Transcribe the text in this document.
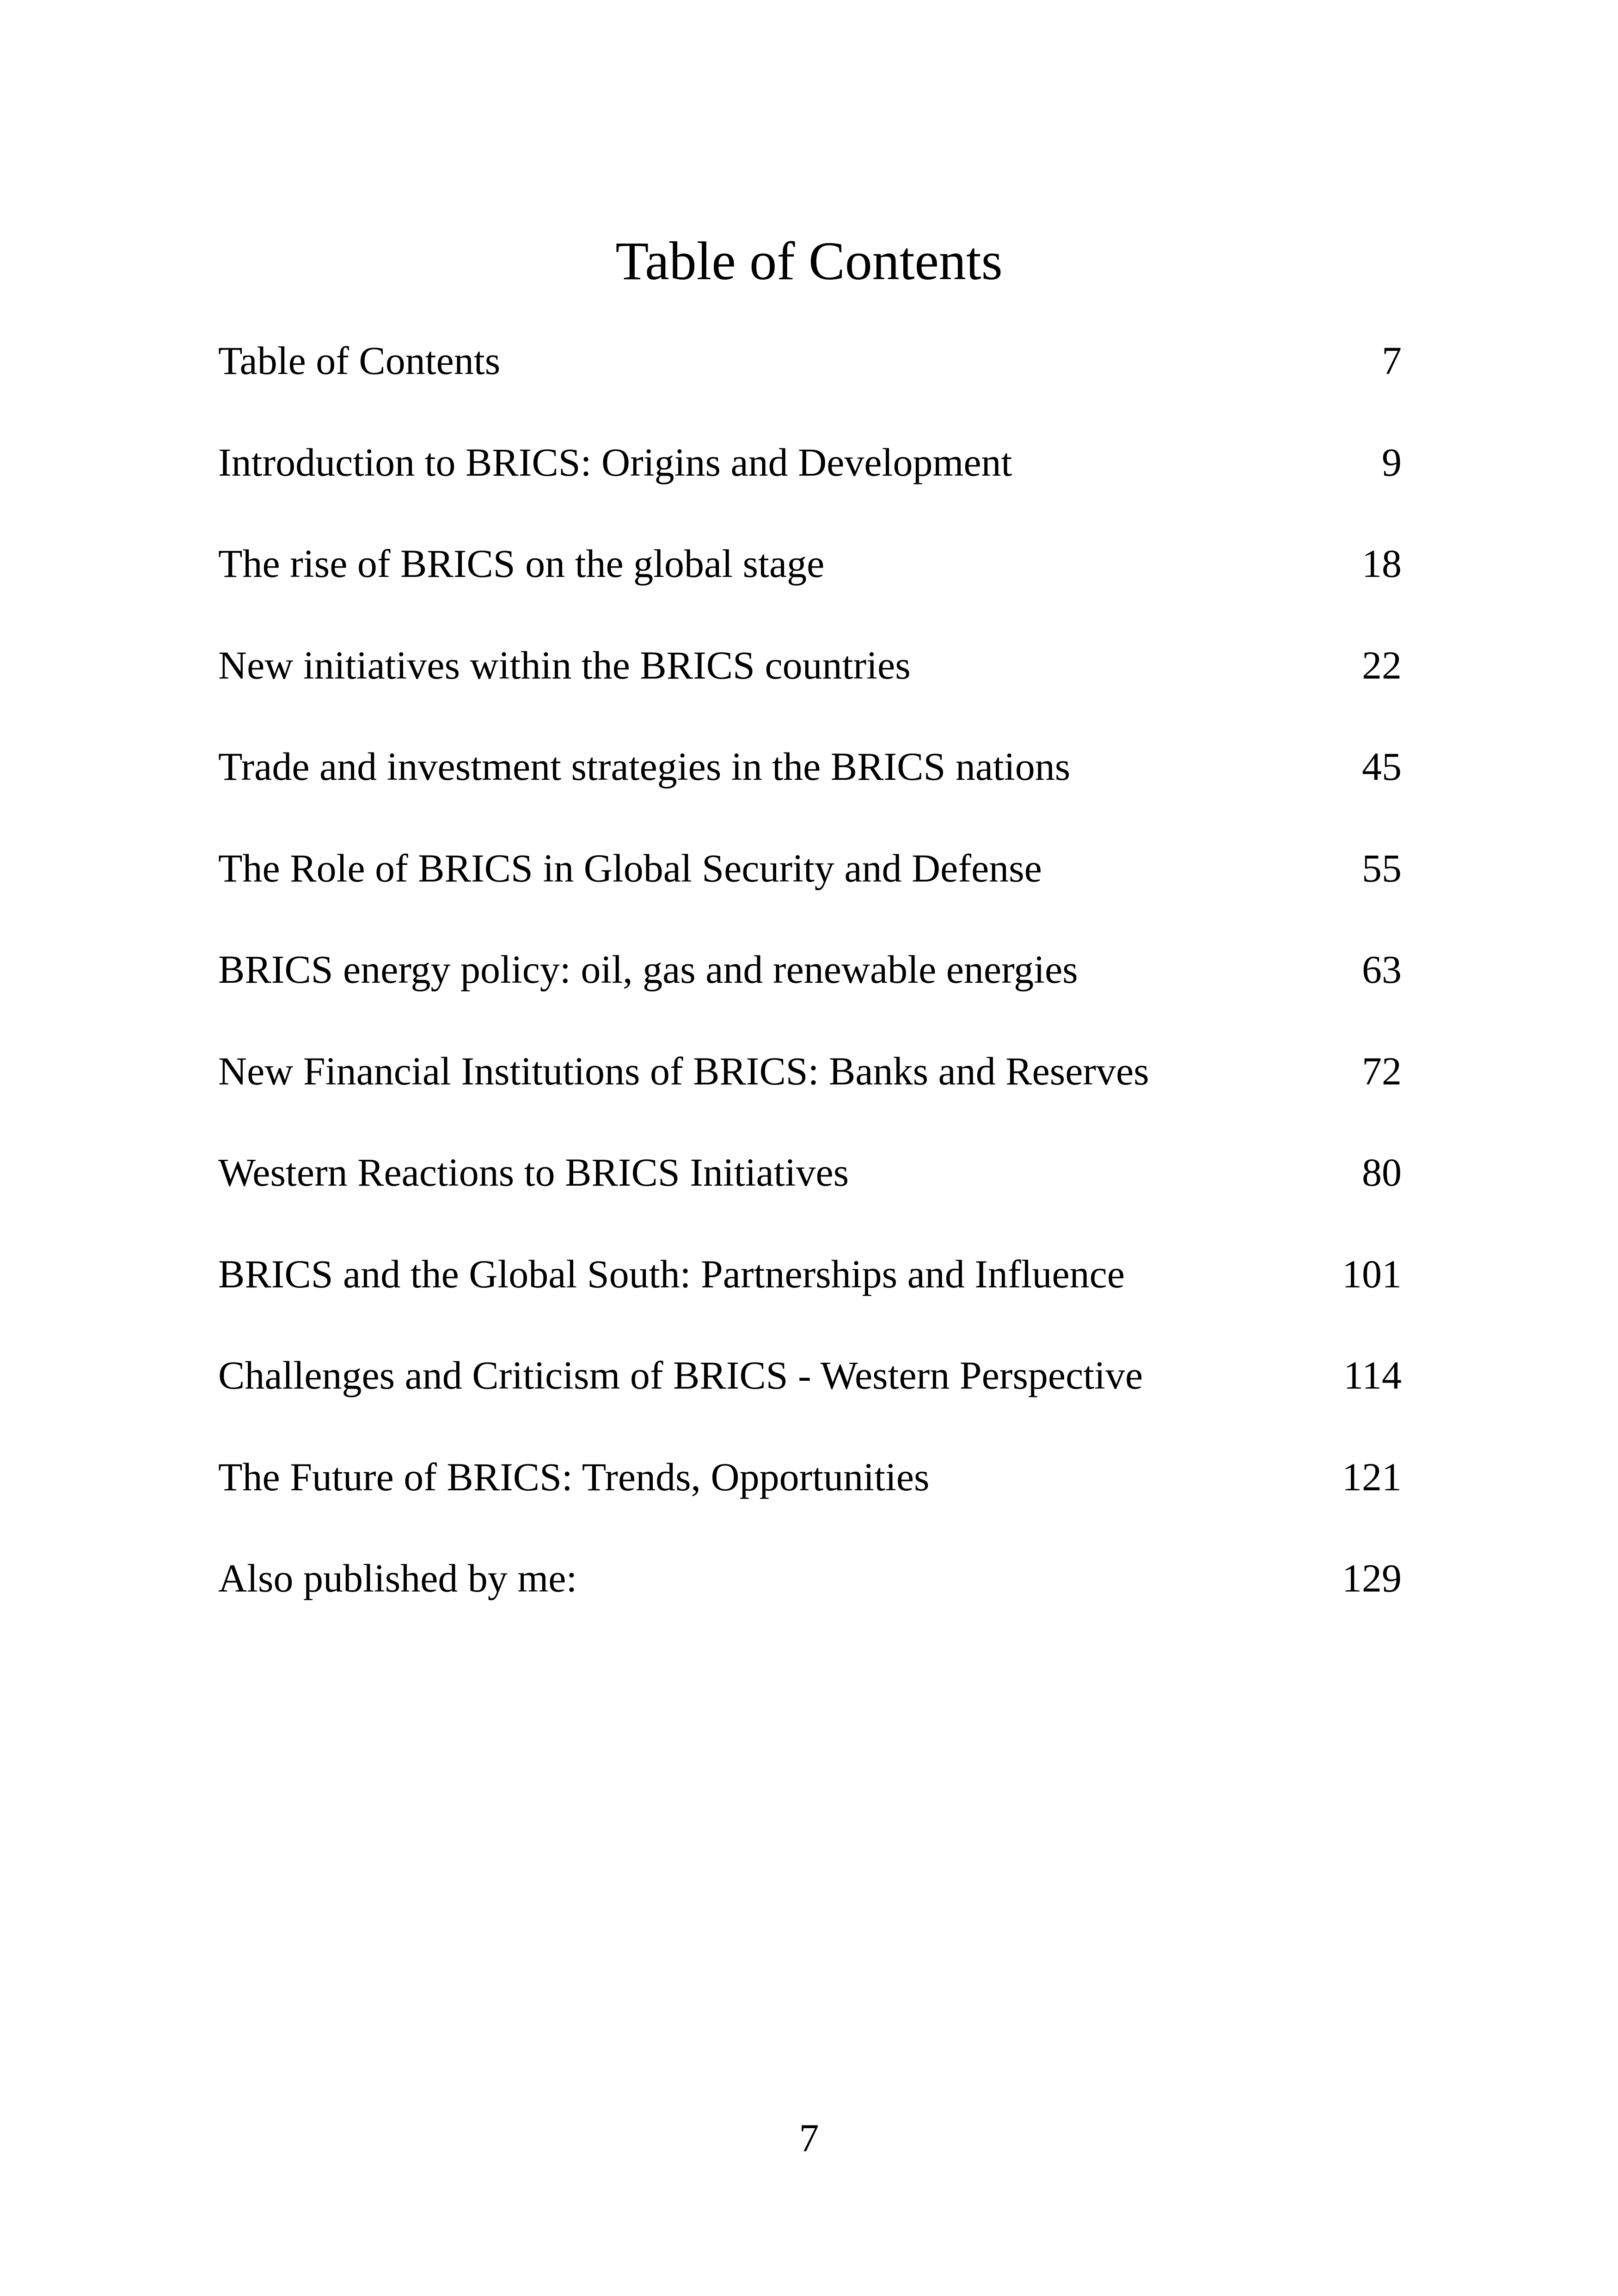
Table of Contents
Table of Contents	7
Introduction to BRICS: Origins and Development	9
The rise of BRICS on the global stage	18
New initiatives within the BRICS countries	22
Trade and investment strategies in the BRICS nations	45
The Role of BRICS in Global Security and Defense	55
BRICS energy policy: oil, gas and renewable energies	63
New Financial Institutions of BRICS: Banks and Reserves	72
Western Reactions to BRICS Initiatives	80
BRICS and the Global South: Partnerships and Influence	101
Challenges and Criticism of BRICS - Western Perspective	114
The Future of BRICS: Trends, Opportunities	121
Also published by me:	129
7
